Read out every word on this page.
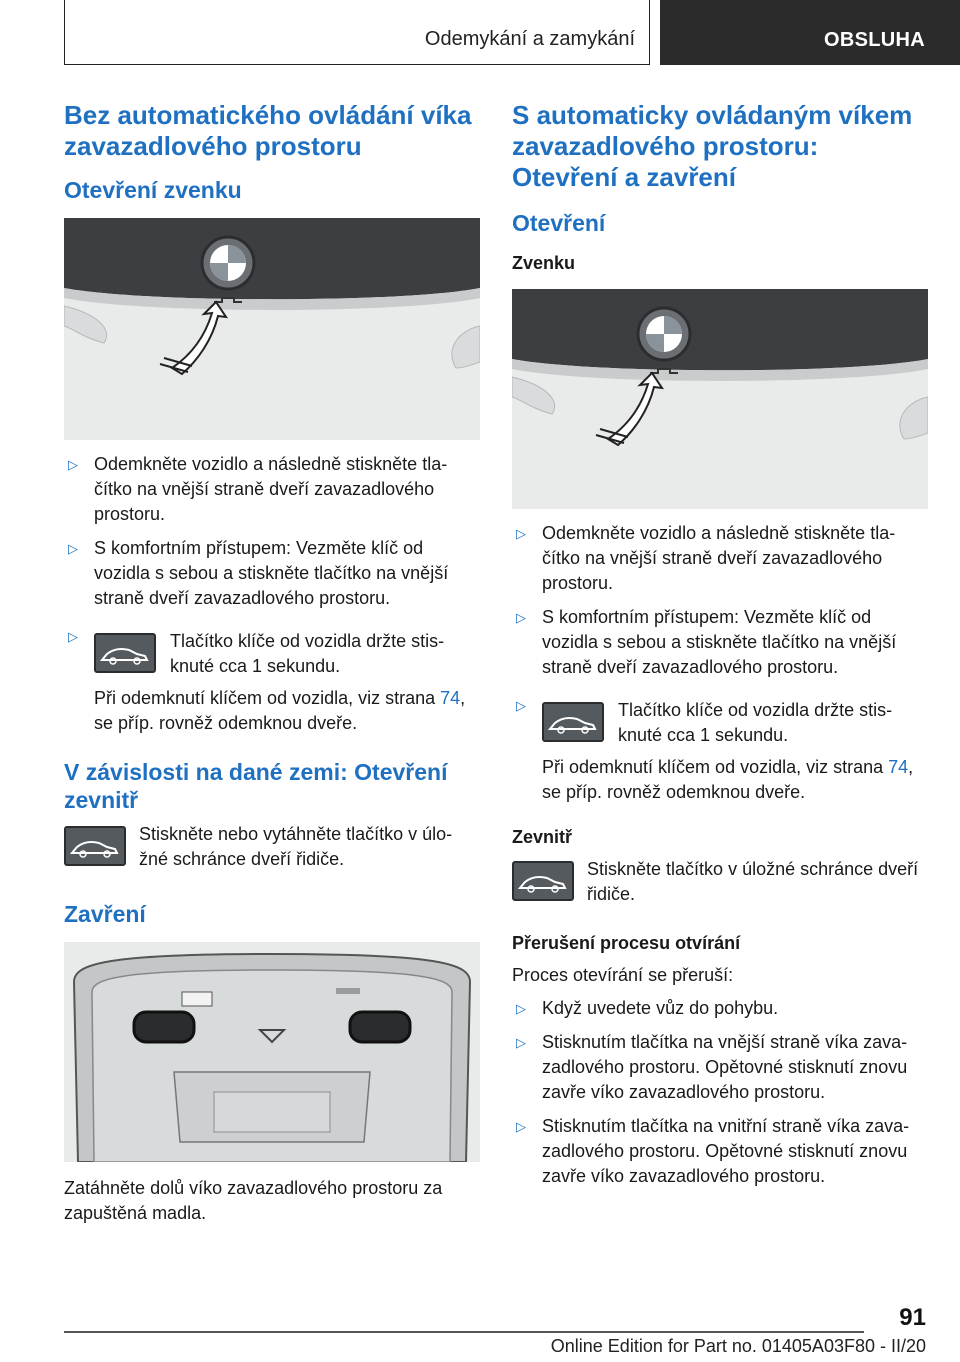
Odemykání a zamykání	OBSLUHA
Bez automatického ovládání víka zavazadlového prostoru
Otevření zvenku
▷ Odemkněte vozidlo a následně stiskněte tla-čítko na vnější straně dveří zavazadlového prostoru.
▷ S komfortním přístupem: Vezměte klíč od vozidla s sebou a stiskněte tlačítko na vnější straně dveří zavazadlového prostoru.
▷	Tlačítko klíče od vozidla držte stis-knuté cca 1 sekundu.

Při odemknutí klíčem od vozidla, viz strana 74, se příp. rovněž odemknou dveře.

V závislosti na dané zemi: Otevření zevnitř
Stiskněte nebo vytáhněte tlačítko v úlo-žné schránce dveří řidiče.
Zavření

Zatáhněte dolů víko zavazadlového prostoru za zapuštěná madla.

S automaticky ovládaným víkem zavazadlového prostoru: Otevření a zavření
Otevření
Zvenku
▷ Odemkněte vozidlo a následně stiskněte tla-čítko na vnější straně dveří zavazadlového prostoru.
▷ S komfortním přístupem: Vezměte klíč od vozidla s sebou a stiskněte tlačítko na vnější straně dveří zavazadlového prostoru.
▷	Tlačítko klíče od vozidla držte stis-knuté cca 1 sekundu.

Při odemknutí klíčem od vozidla, viz strana 74, se příp. rovněž odemknou dveře.

Zevnitř
Stiskněte tlačítko v úložné schránce dveří řidiče.
Přerušení procesu otvírání

Proces otevírání se přeruší:

▷ Když uvedete vůz do pohybu.
▷ Stisknutím tlačítka na vnější straně víka zava-zadlového prostoru. Opětovné stisknutí znovu zavře víko zavazadlového prostoru.
▷ Stisknutím tlačítka na vnitřní straně víka zava-zadlového prostoru. Opětovné stisknutí znovu zavře víko zavazadlového prostoru.
91
Online Edition for Part no. 01405A03F80 - II/20
